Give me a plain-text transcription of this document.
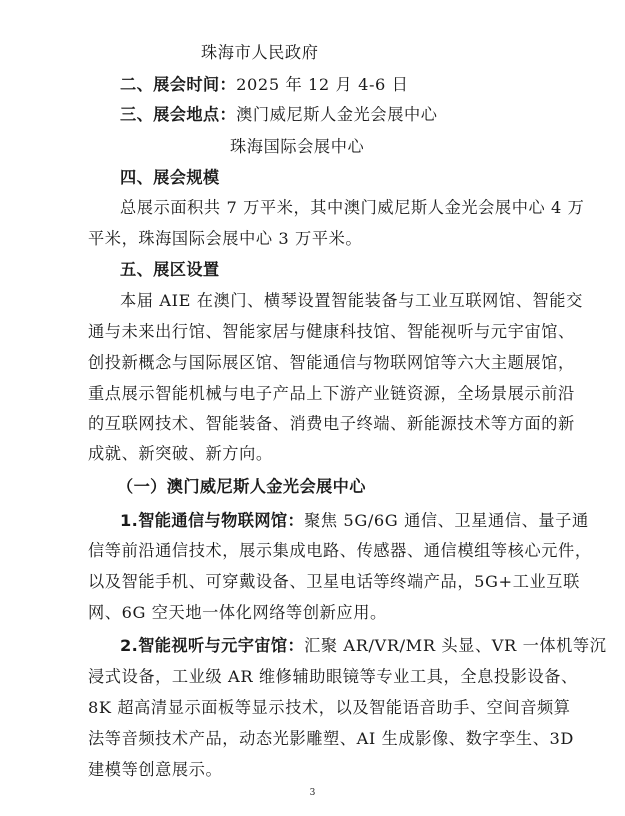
珠海市人民政府
二、展会时间：2025 年 12 月 4-6 日
三、展会地点：澳门威尼斯人金光会展中心
珠海国际会展中心
四、展会规模
总展示面积共 7 万平米，其中澳门威尼斯人金光会展中心 4 万
平米，珠海国际会展中心 3 万平米。
五、展区设置
本届 AIE 在澳门、横琴设置智能装备与工业互联网馆、智能交
通与未来出行馆、智能家居与健康科技馆、智能视听与元宇宙馆、
创投新概念与国际展区馆、智能通信与物联网馆等六大主题展馆，
重点展示智能机械与电子产品上下游产业链资源，全场景展示前沿
的互联网技术、智能装备、消费电子终端、新能源技术等方面的新
成就、新突破、新方向。
（一）澳门威尼斯人金光会展中心
1.智能通信与物联网馆：聚焦 5G/6G 通信、卫星通信、量子通
信等前沿通信技术，展示集成电路、传感器、通信模组等核心元件，
以及智能手机、可穿戴设备、卫星电话等终端产品，5G+工业互联
网、6G 空天地一体化网络等创新应用。
2.智能视听与元宇宙馆：汇聚 AR/VR/MR 头显、VR 一体机等沉
浸式设备，工业级 AR 维修辅助眼镜等专业工具，全息投影设备、
8K 超高清显示面板等显示技术，以及智能语音助手、空间音频算
法等音频技术产品，动态光影雕塑、AI 生成影像、数字孪生、3D
建模等创意展示。
3
